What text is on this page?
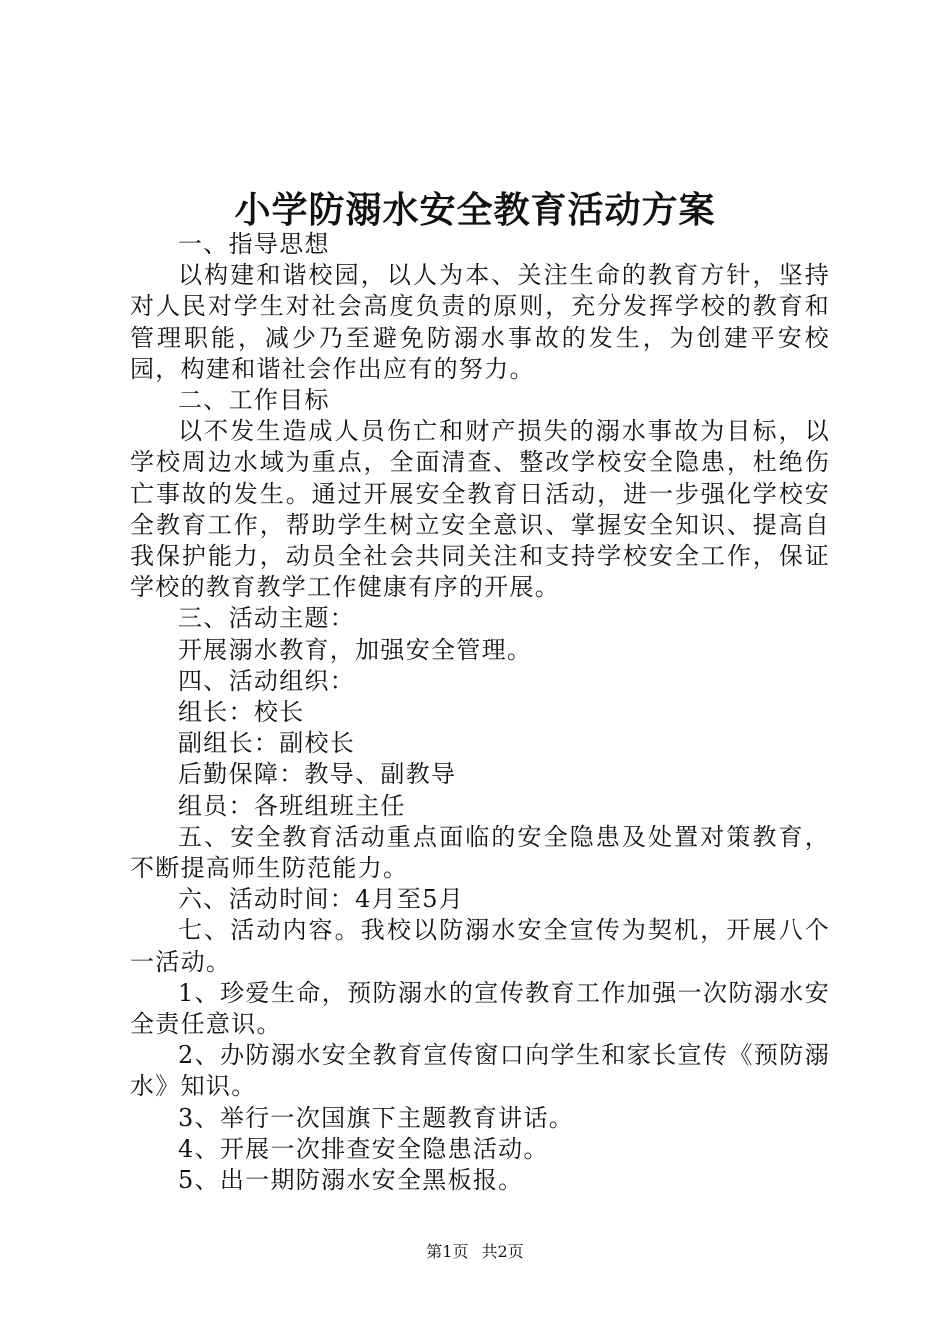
小学防溺水安全教育活动方案

一、指导思想

以构建和谐校园，以人为本、关注生命的教育方针，坚持对人民对学生对社会高度负责的原则，充分发挥学校的教育和管理职能，减少乃至避免防溺水事故的发生，为创建平安校园，构建和谐社会作出应有的努力。

二、工作目标

以不发生造成人员伤亡和财产损失的溺水事故为目标，以学校周边水域为重点，全面清查、整改学校安全隐患，杜绝伤亡事故的发生。通过开展安全教育日活动，进一步强化学校安全教育工作，帮助学生树立安全意识、掌握安全知识、提高自我保护能力，动员全社会共同关注和支持学校安全工作，保证学校的教育教学工作健康有序的开展。

三、活动主题：

开展溺水教育，加强安全管理。

四、活动组织：

组长：校长

副组长：副校长

后勤保障：教导、副教导

组员：各班组班主任

五、安全教育活动重点面临的安全隐患及处置对策教育，不断提高师生防范能力。

六、活动时间：4月至5月

七、活动内容。我校以防溺水安全宣传为契机，开展八个一活动。

1、珍爱生命，预防溺水的宣传教育工作加强一次防溺水安全责任意识。

2、办防溺水安全教育宣传窗口向学生和家长宣传《预防溺水》知识。

3、举行一次国旗下主题教育讲话。

4、开展一次排查安全隐患活动。

5、出一期防溺水安全黑板报。

第1页 共2页
